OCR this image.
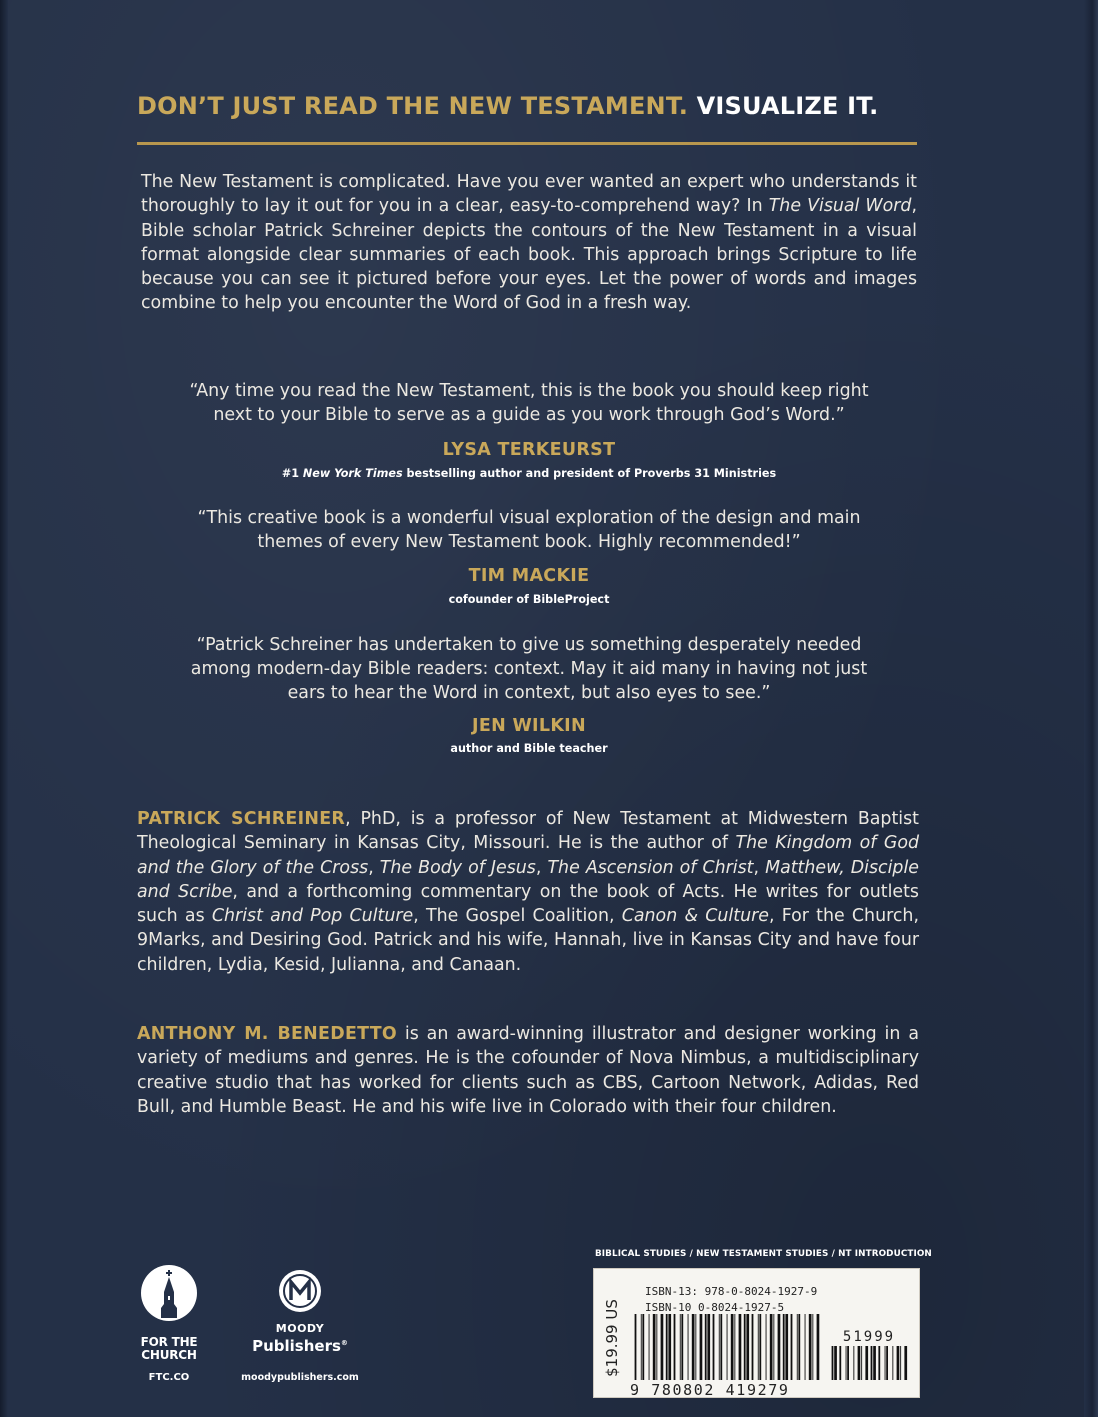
DON’T JUST READ THE NEW TESTAMENT. VISUALIZE IT.
The New Testament is complicated. Have you ever wanted an expert who understands it thoroughly to lay it out for you in a clear, easy-to-comprehend way? In The Visual Word, Bible scholar Patrick Schreiner depicts the contours of the New Testament in a visual format alongside clear summaries of each book. This approach brings Scripture to life because you can see it pictured before your eyes. Let the power of words and images combine to help you encounter the Word of God in a fresh way.
“Any time you read the New Testament, this is the book you should keep right
next to your Bible to serve as a guide as you work through God’s Word.”
LYSA TERKEURST
#1 New York Times bestselling author and president of Proverbs 31 Ministries
“This creative book is a wonderful visual exploration of the design and main
themes of every New Testament book. Highly recommended!”
TIM MACKIE
cofounder of BibleProject
“Patrick Schreiner has undertaken to give us something desperately needed
among modern-day Bible readers: context. May it aid many in having not just
ears to hear the Word in context, but also eyes to see.”
JEN WILKIN
author and Bible teacher
PATRICK SCHREINER, PhD, is a professor of New Testament at Midwestern Baptist Theological Seminary in Kansas City, Missouri. He is the author of The Kingdom of God and the Glory of the Cross, The Body of Jesus, The Ascension of Christ, Matthew, Disciple and Scribe, and a forthcoming commentary on the book of Acts. He writes for outlets such as Christ and Pop Culture, The Gospel Coalition, Canon & Culture, For the Church, 9Marks, and Desiring God. Patrick and his wife, Hannah, live in Kansas City and have four children, Lydia, Kesid, Julianna, and Canaan.
ANTHONY M. BENEDETTO is an award-winning illustrator and designer working in a variety of mediums and genres. He is the cofounder of Nova Nimbus, a multidisciplinary creative studio that has worked for clients such as CBS, Cartoon Network, Adidas, Red Bull, and Humble Beast. He and his wife live in Colorado with their four children.
BIBLICAL STUDIES / NEW TESTAMENT STUDIES / NT INTRODUCTION
FOR THE
CHURCH
FTC.CO
MOODY
Publishers®
moodypublishers.com
$19.99 US
ISBN-13: 978-0-8024-1927-9
ISBN-10 0-8024-1927-5
51999
9 780802 419279
